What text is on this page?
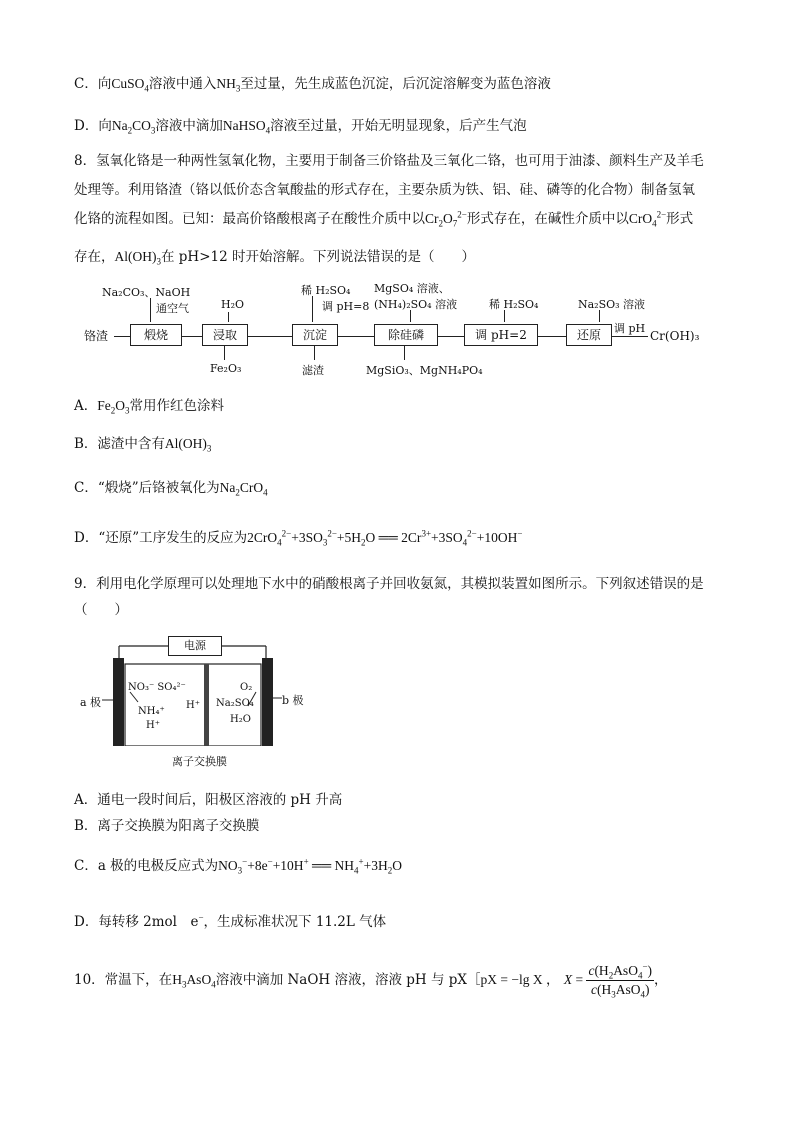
C．向CuSO$_4$溶液中通入$NH_3$至过量，先生成蓝色沉淀，后沉淀溶解变为蓝色溶液
D．向$Na_2CO_3$溶液中滴加NaHSO$_4$溶液至过量，开始无明显现象，后产生气泡
8．氢氧化铬是一种两性氢氧化物，主要用于制备三价铬盐及三氧化二铬，也可用于油漆、颜料生产及羊毛
处理等。利用铬渣（铬以低价态含氧酸盐的形式存在，主要杂质为铁、铝、硅、磷等的化合物）制备氢氧
化铬的流程如图。已知：最高价铬酸根离子在酸性介质中以$Cr_2O_7^{2-}$形式存在，在碱性介质中以CrO$_4^{2-}$形式
存在，$Al(OH)_3$在 pH>12 时开始溶解。下列说法错误的是（　　）
Na₂CO₃、NaOH
通空气	H₂O
稀 H₂SO₄
调 pH=8
MgSO₄ 溶液、
(NH₄)₂SO₄ 溶液	稀 H₂SO₄	Na₂SO₃ 溶液
铬渣	煅烧	浸取	沉淀	除硅磷	调 pH=2	还原	调 pH
Cr(OH)₃
Fe₂O₃	滤渣	MgSiO₃、MgNH₄PO₄
A．$Fe_2O_3$常用作红色涂料
B．滤渣中含有$Al(OH)_3$
C．“煅烧”后铬被氧化为$Na_2CrO_4$
D．“还原”工序发生的反应为$2CrO_4^{2-}+3SO_3^{2-}+5H_2O$ ══ $2Cr^{3+}+3SO_4^{2-}+10OH^-$
9．利用电化学原理可以处理地下水中的硝酸根离子并回收氨氮，其模拟装置如图所示。下列叙述错误的是
（　　）
电源
a 极	b 极
NO₃⁻ SO₄²⁻
NH₄⁺
H⁺
H⁺
O₂
Na₂SO₄
H₂O
离子交换膜
A．通电一段时间后，阳极区溶液的 pH 升高
B．离子交换膜为阳离子交换膜
C．a 极的电极反应式为$NO_3^-+8e^-+10H^+$ ══ $NH_4^++3H_2O$
D．每转移 2mol　e−，生成标准状况下 11.2L 气体
10．常温下，在$H_3AsO_4$溶液中滴加 NaOH 溶液，溶液 pH 与 pX［pX = −lg X ， X =
$c(H_2AsO_4^-)$
$c(H_3AsO_4)$
，
